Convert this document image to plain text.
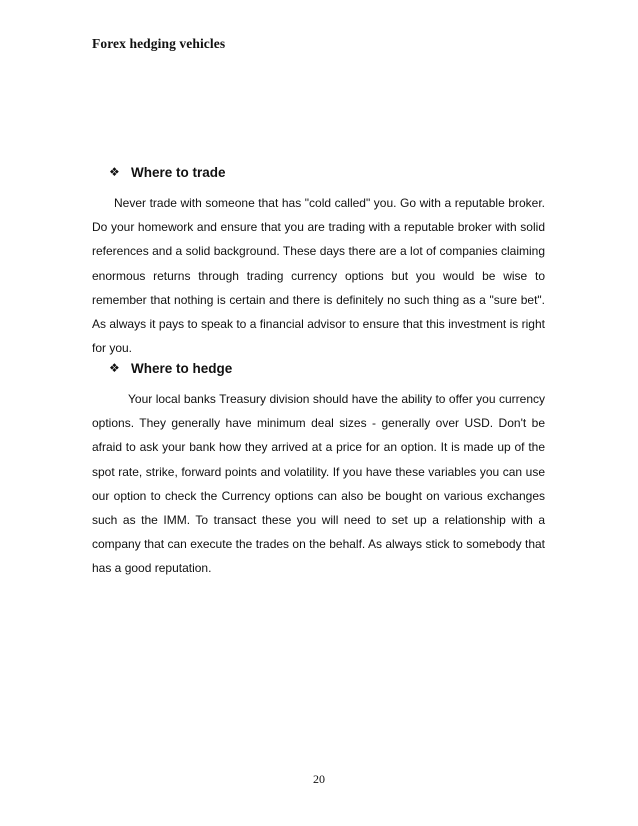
Forex hedging vehicles
❖ Where to trade

Never trade with someone that has "cold called" you. Go with a reputable broker. Do your homework and ensure that you are trading with a reputable broker with solid references and a solid background. These days there are a lot of companies claiming enormous returns through trading currency options but you would be wise to remember that nothing is certain and there is definitely no such thing as a "sure bet". As always it pays to speak to a financial advisor to ensure that this investment is right for you.

❖ Where to hedge

Your local banks Treasury division should have the ability to offer you currency options. They generally have minimum deal sizes - generally over USD. Don't be afraid to ask your bank how they arrived at a price for an option. It is made up of the spot rate, strike, forward points and volatility. If you have these variables you can use our option to check the Currency options can also be bought on various exchanges such as the IMM. To transact these you will need to set up a relationship with a company that can execute the trades on the behalf. As always stick to somebody that has a good reputation.

20
